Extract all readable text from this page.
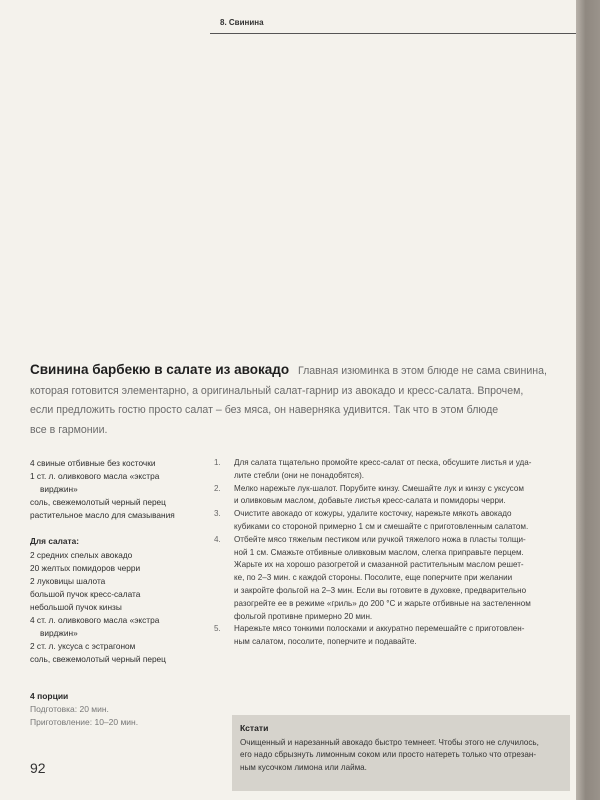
8. Свинина
Свинина барбекю в салате из авокадо Главная изюминка в этом блюде не сама свинина,
которая готовится элементарно, а оригинальный салат-гарнир из авокадо и кресс-салата. Впрочем,
если предложить гостю просто салат – без мяса, он наверняка удивится. Так что в этом блюде
все в гармонии.
4 свиные отбивные без косточки
1 ст. л. оливкового масла «экстра
вирджин»
соль, свежемолотый черный перец
растительное масло для смазывания
Для салата:
2 средних спелых авокадо
20 желтых помидоров черри
2 луковицы шалота
большой пучок кресс-салата
небольшой пучок кинзы
4 ст. л. оливкового масла «экстра
вирджин»
2 ст. л. уксуса с эстрагоном
соль, свежемолотый черный перец
4 порции
Подготовка: 20 мин.
Приготовление: 10–20 мин.
1.	Для салата тщательно промойте кресс-салат от песка, обсушите листья и уда-
лите стебли (они не понадобятся).
2.	Мелко нарежьте лук-шалот. Порубите кинзу. Смешайте лук и кинзу с уксусом
и оливковым маслом, добавьте листья кресс-салата и помидоры черри.
3.	Очистите авокадо от кожуры, удалите косточку, нарежьте мякоть авокадо
кубиками со стороной примерно 1 см и смешайте с приготовленным салатом.
4.	Отбейте мясо тяжелым пестиком или ручкой тяжелого ножа в пласты толщи-
ной 1 см. Смажьте отбивные оливковым маслом, слегка приправьте перцем.
Жарьте их на хорошо разогретой и смазанной растительным маслом решет-
ке, по 2–3 мин. с каждой стороны. Посолите, еще поперчите при желании
и закройте фольгой на 2–3 мин. Если вы готовите в духовке, предварительно
разогрейте ее в режиме «гриль» до 200 °С и жарьте отбивные на застеленном
фольгой противне примерно 20 мин.
5.	Нарежьте мясо тонкими полосками и аккуратно перемешайте с приготовлен-
ным салатом, посолите, поперчите и подавайте.
Кстати
Очищенный и нарезанный авокадо быстро темнеет. Чтобы этого не случилось,
его надо сбрызнуть лимонным соком или просто натереть только что отрезан-
ным кусочком лимона или лайма.
92
